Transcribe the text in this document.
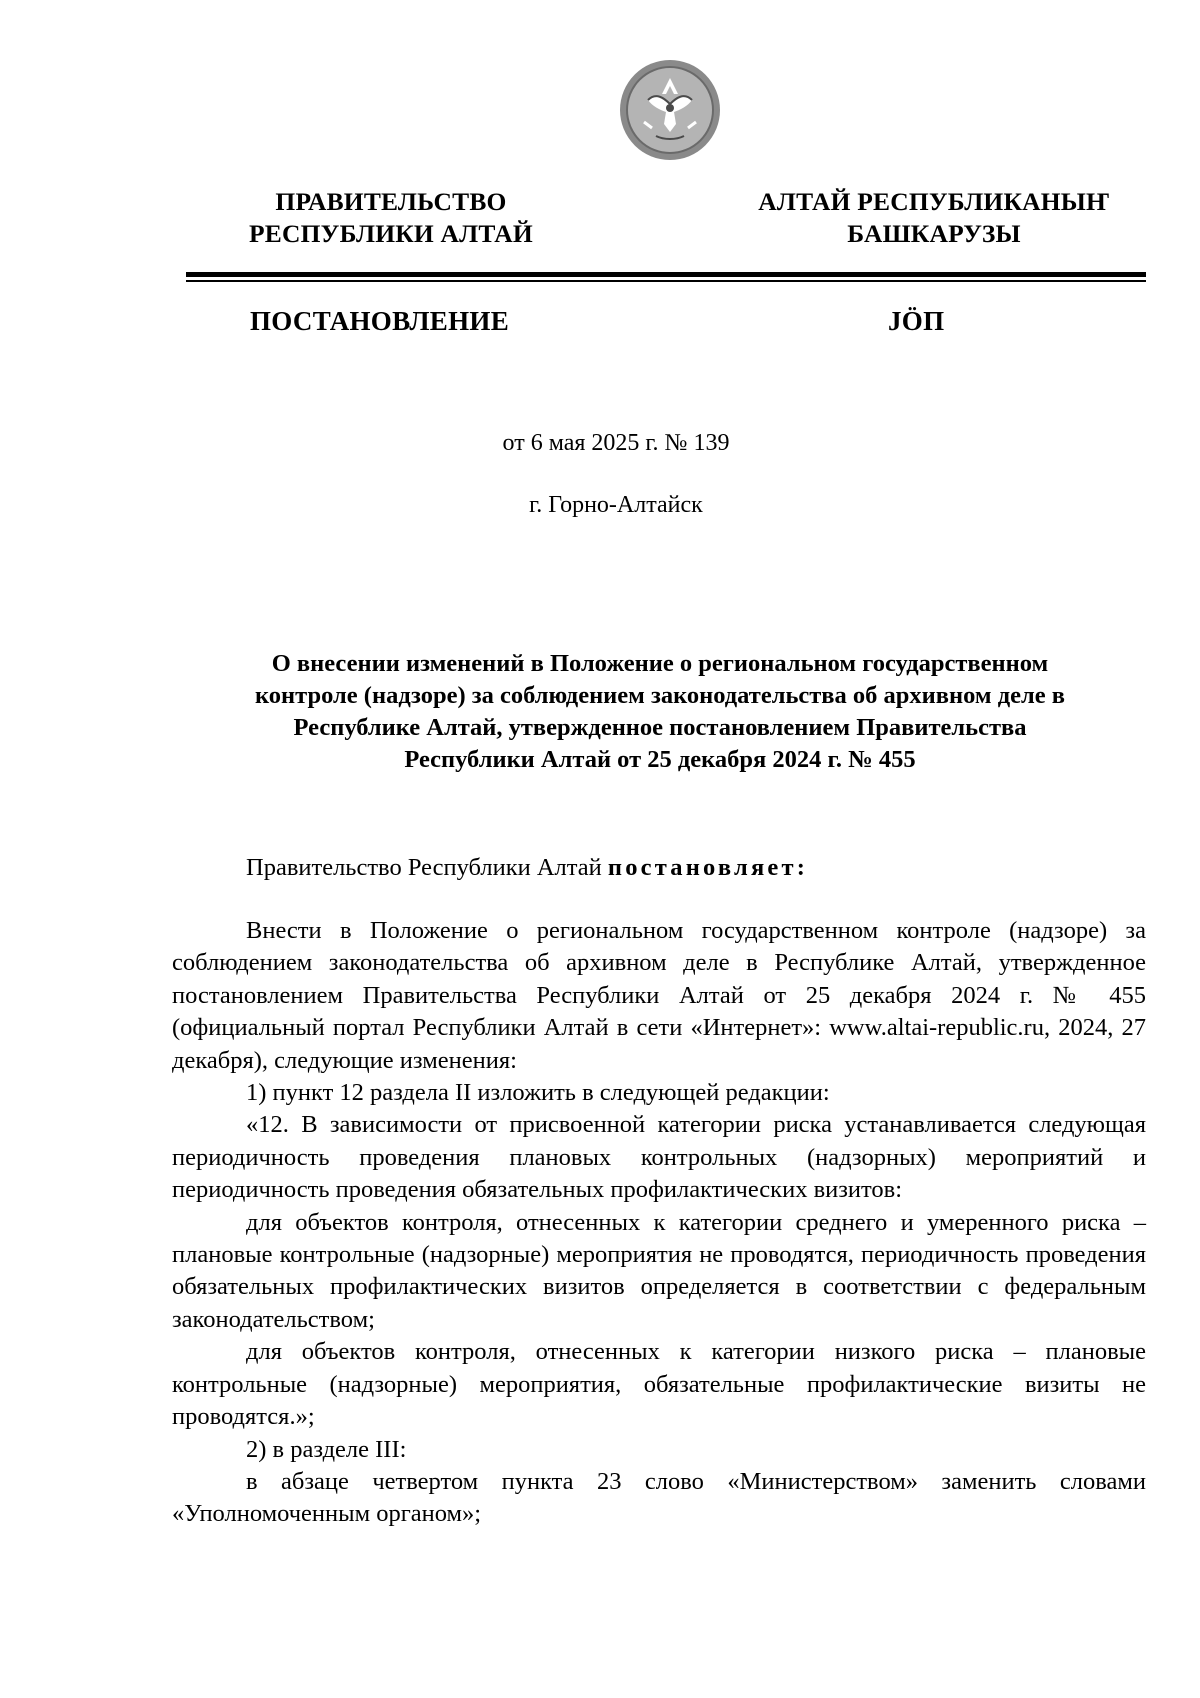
ПРАВИТЕЛЬСТВО
РЕСПУБЛИКИ АЛТАЙ
АЛТАЙ РЕСПУБЛИКАНЫҤ
БАШКАРУЗЫ
ПОСТАНОВЛЕНИЕ	JÖП
от 6 мая 2025 г. № 139
г. Горно-Алтайск
О внесении изменений в Положение о региональном государственном
контроле (надзоре) за соблюдением законодательства об архивном деле в
Республике Алтай, утвержденное постановлением Правительства
Республики Алтай от 25 декабря 2024 г. № 455
Правительство Республики Алтай постановляет:

Внести в Положение о региональном государственном контроле (надзоре) за соблюдением законодательства об архивном деле в Республике Алтай, утвержденное постановлением Правительства Республики Алтай от 25 декабря 2024 г. № 455 (официальный портал Республики Алтай в сети «Интернет»: www.altai-republic.ru, 2024, 27 декабря), следующие изменения:

1) пункт 12 раздела II изложить в следующей редакции:

«12. В зависимости от присвоенной категории риска устанавливается следующая периодичность проведения плановых контрольных (надзорных) мероприятий и периодичность проведения обязательных профилактических визитов:

для объектов контроля, отнесенных к категории среднего и умеренного риска – плановые контрольные (надзорные) мероприятия не проводятся, периодичность проведения обязательных профилактических визитов определяется в соответствии с федеральным законодательством;

для объектов контроля, отнесенных к категории низкого риска – плановые контрольные (надзорные) мероприятия, обязательные профилактические визиты не проводятся.»;

2) в разделе III:

в абзаце четвертом пункта 23 слово «Министерством» заменить словами «Уполномоченным органом»;
